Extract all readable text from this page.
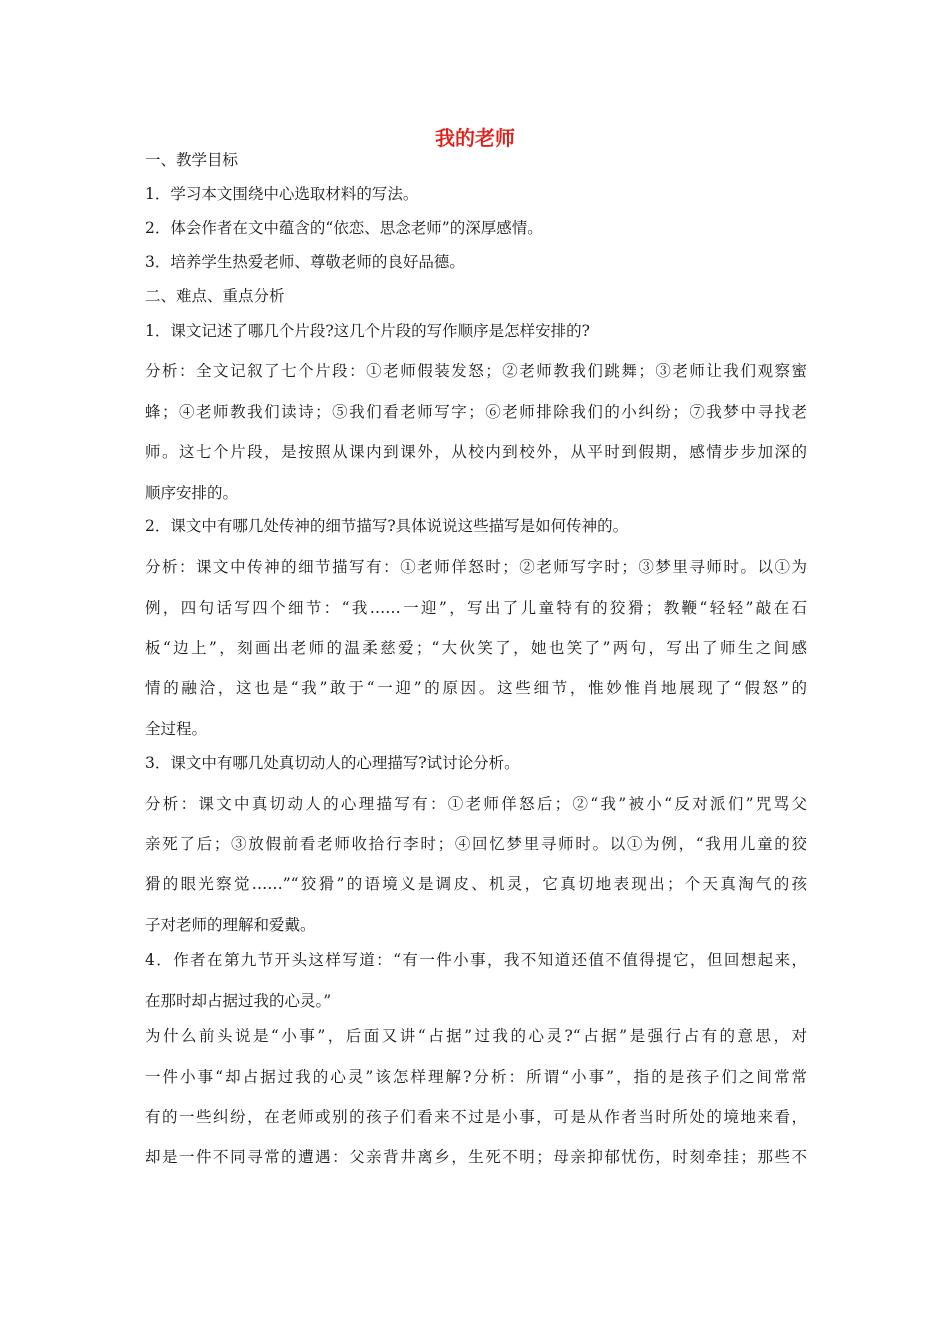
我的老师
一、教学目标
1．学习本文围绕中心选取材料的写法。
2．体会作者在文中蕴含的“依恋、思念老师”的深厚感情。
3．培养学生热爱老师、尊敬老师的良好品德。
二、难点、重点分析
1．课文记述了哪几个片段?这几个片段的写作顺序是怎样安排的?
分析：全文记叙了七个片段：①老师假装发怒；②老师教我们跳舞；③老师让我们观察蜜
蜂；④老师教我们读诗；⑤我们看老师写字；⑥老师排除我们的小纠纷；⑦我梦中寻找老
师。这七个片段，是按照从课内到课外，从校内到校外，从平时到假期，感情步步加深的
顺序安排的。
2．课文中有哪几处传神的细节描写?具体说说这些描写是如何传神的。
分析：课文中传神的细节描写有：①老师佯怒时；②老师写字时；③梦里寻师时。以①为
例，四句话写四个细节：“我……一迎”，写出了儿童特有的狡猾；教鞭“轻轻”敲在石
板“边上”，刻画出老师的温柔慈爱；“大伙笑了，她也笑了”两句，写出了师生之间感
情的融洽，这也是“我”敢于“一迎”的原因。这些细节，惟妙惟肖地展现了“假怒”的
全过程。
3．课文中有哪几处真切动人的心理描写?试讨论分析。
分析：课文中真切动人的心理描写有：①老师佯怒后；②“我”被小“反对派们”咒骂父
亲死了后；③放假前看老师收拾行李时；④回忆梦里寻师时。以①为例，“我用儿童的狡
猾的眼光察觉……”“狡猾”的语境义是调皮、机灵，它真切地表现出；个天真淘气的孩
子对老师的理解和爱戴。
4．作者在第九节开头这样写道：“有一件小事，我不知道还值不值得提它，但回想起来，
在那时却占据过我的心灵。”
为什么前头说是“小事”，后面又讲“占据”过我的心灵?“占据”是强行占有的意思，对
一件小事“却占据过我的心灵”该怎样理解?分析：所谓“小事”，指的是孩子们之间常常
有的一些纠纷，在老师或别的孩子们看来不过是小事，可是从作者当时所处的境地来看，
却是一件不同寻常的遭遇：父亲背井离乡，生死不明；母亲抑郁忧伤，时刻牵挂；那些不
